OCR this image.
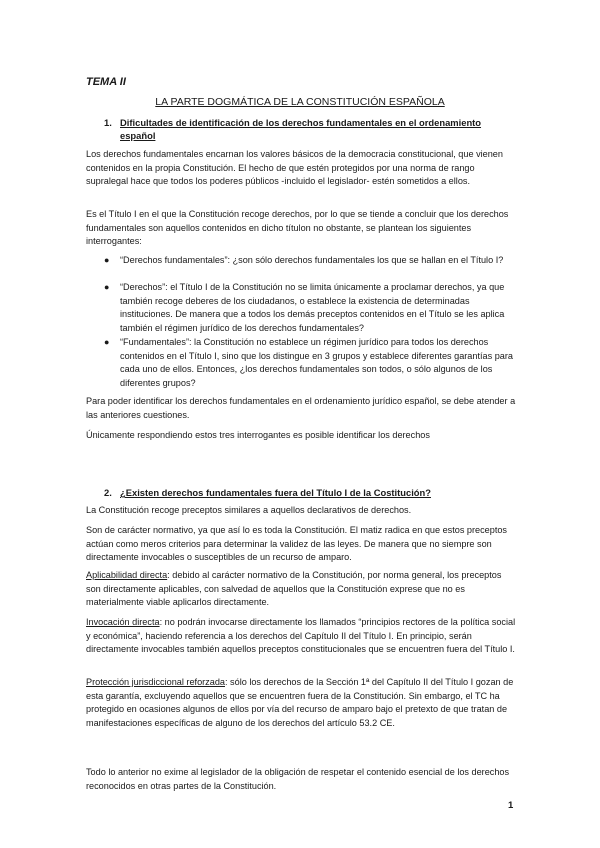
TEMA II
LA PARTE DOGMÁTICA DE LA CONSTITUCIÓN ESPAÑOLA
1. Dificultades de identificación de los derechos fundamentales en el ordenamiento español

Los derechos fundamentales encarnan los valores básicos de la democracia constitucional, que vienen contenidos en la propia Constitución. El hecho de que estén protegidos por una norma de rango supralegal hace que todos los poderes públicos -incluido el legislador- estén sometidos a ellos.

Es el Título I en el que la Constitución recoge derechos, por lo que se tiende a concluir que los derechos fundamentales son aquellos contenidos en dicho títulon no obstante, se plantean los siguientes interrogantes:

● “Derechos fundamentales”: ¿son sólo derechos fundamentales los que se hallan en el Título I?

● “Derechos”: el Título I de la Constitución no se limita únicamente a proclamar derechos, ya que también recoge deberes de los ciudadanos, o establece la existencia de determinadas instituciones. De manera que a todos los demás preceptos contenidos en el Título se les aplica también el régimen jurídico de los derechos fundamentales?

● “Fundamentales”: la Constitución no establece un régimen jurídico para todos los derechos contenidos en el Título I, sino que los distingue en 3 grupos y establece diferentes garantías para cada uno de ellos. Entonces, ¿los derechos fundamentales son todos, o sólo algunos de los diferentes grupos?

Para poder identificar los derechos fundamentales en el ordenamiento jurídico español, se debe atender a las anteriores cuestiones.

Únicamente respondiendo estos tres interrogantes es posible identificar los derechos

2. ¿Existen derechos fundamentales fuera del Título I de la Costitución?

La Constitución recoge preceptos similares a aquellos declarativos de derechos.

Son de carácter normativo, ya que así lo es toda la Constitución. El matiz radica en que estos preceptos actúan como meros criterios para determinar la validez de las leyes. De manera que no siempre son directamente invocables o susceptibles de un recurso de amparo.

Aplicabilidad directa: debido al carácter normativo de la Constitución, por norma general, los preceptos son directamente aplicables, con salvedad de aquellos que la Constitución exprese que no es materialmente viable aplicarlos directamente.

Invocación directa: no podrán invocarse directamente los llamados “principios rectores de la política social y económica”, haciendo referencia a los derechos del Capítulo II del Título I. En principio, serán directamente invocables también aquellos preceptos constitucionales que se encuentren fuera del Título I.

Protección jurisdiccional reforzada: sólo los derechos de la Sección 1ª del Capítulo II del Título I gozan de esta garantía, excluyendo aquellos que se encuentren fuera de la Constitución. Sin embargo, el TC ha protegido en ocasiones algunos de ellos por vía del recurso de amparo bajo el pretexto de que tratan de manifestaciones específicas de alguno de los derechos del artículo 53.2 CE.

Todo lo anterior no exime al legislador de la obligación de respetar el contenido esencial de los derechos reconocidos en otras partes de la Constitución.

1
